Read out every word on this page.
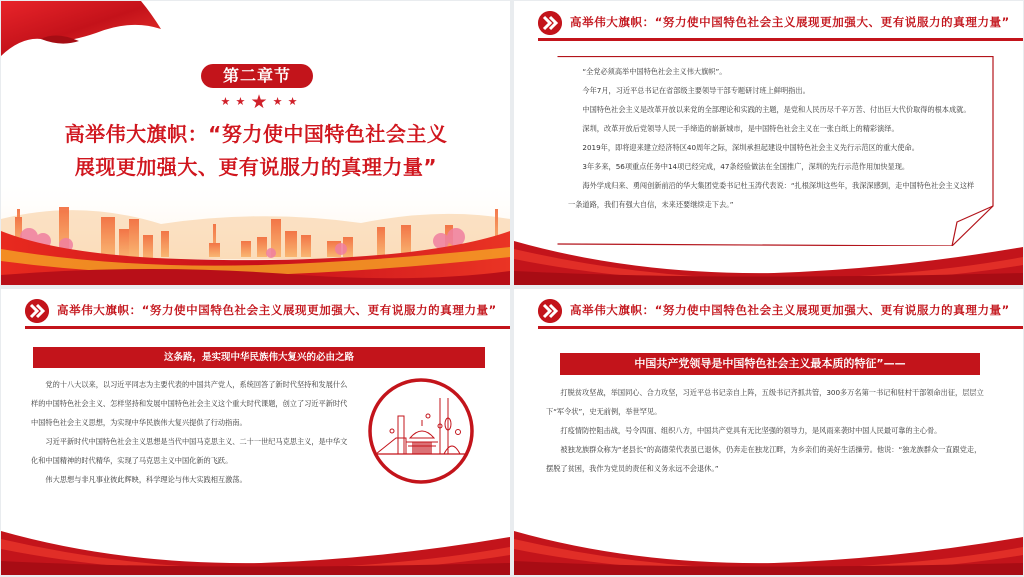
第二章节
★ ★ ★ ★ ★
高举伟大旗帜：“努力使中国特色社会主义
展现更加强大、更有说服力的真理力量”
高举伟大旗帜：“努力使中国特色社会主义展现更加强大、更有说服力的真理力量”

“全党必须高举中国特色社会主义伟大旗帜”。

今年7月，习近平总书记在省部级主要领导干部专题研讨班上鲜明指出。

中国特色社会主义是改革开放以来党的全部理论和实践的主题，是党和人民历尽千辛万苦、付出巨大代价取得的根本成就。

深圳，改革开放后党领导人民一手缔造的崭新城市，是中国特色社会主义在一张白纸上的精彩演绎。

2019年，即将迎来建立经济特区40周年之际，深圳承担起建设中国特色社会主义先行示范区的重大使命。

3年多来，56项重点任务中14项已经完成，47条经验做法在全国推广，深圳的先行示范作用加快显现。

海外学成归来、勇闯创新前沿的华大集团党委书记杜玉涛代表说：“扎根深圳这些年，我深深感到，走中国特色社会主义这样一条道路，我们有强大自信，未来还要继续走下去。”

高举伟大旗帜：“努力使中国特色社会主义展现更加强大、更有说服力的真理力量”
这条路，是实现中华民族伟大复兴的必由之路

党的十八大以来，以习近平同志为主要代表的中国共产党人，系统回答了新时代坚持和发展什么样的中国特色社会主义、怎样坚持和发展中国特色社会主义这个重大时代课题，创立了习近平新时代中国特色社会主义思想，为实现中华民族伟大复兴提供了行动指南。

习近平新时代中国特色社会主义思想是当代中国马克思主义、二十一世纪马克思主义，是中华文化和中国精神的时代精华，实现了马克思主义中国化新的飞跃。

伟大思想与非凡事业彼此辉映，科学理论与伟大实践相互激荡。

高举伟大旗帜：“努力使中国特色社会主义展现更加强大、更有说服力的真理力量”
中国共产党领导是中国特色社会主义最本质的特征”——

打脱贫攻坚战，举国同心、合力攻坚，习近平总书记亲自上阵，五级书记齐抓共管，300多万名第一书记和驻村干部领命出征，层层立下“军令状”，史无前例，举世罕见。

打疫情防控阻击战，号令四面、组织八方，中国共产党具有无比坚强的领导力，是风雨来袭时中国人民最可靠的主心骨。

被独龙族群众称为“老县长”的高德荣代表虽已退休，仍奔走在独龙江畔，为乡亲们的美好生活操劳。他说：“独龙族群众一直跟党走，摆脱了贫困，我作为党员的责任和义务永远不会退休。”
